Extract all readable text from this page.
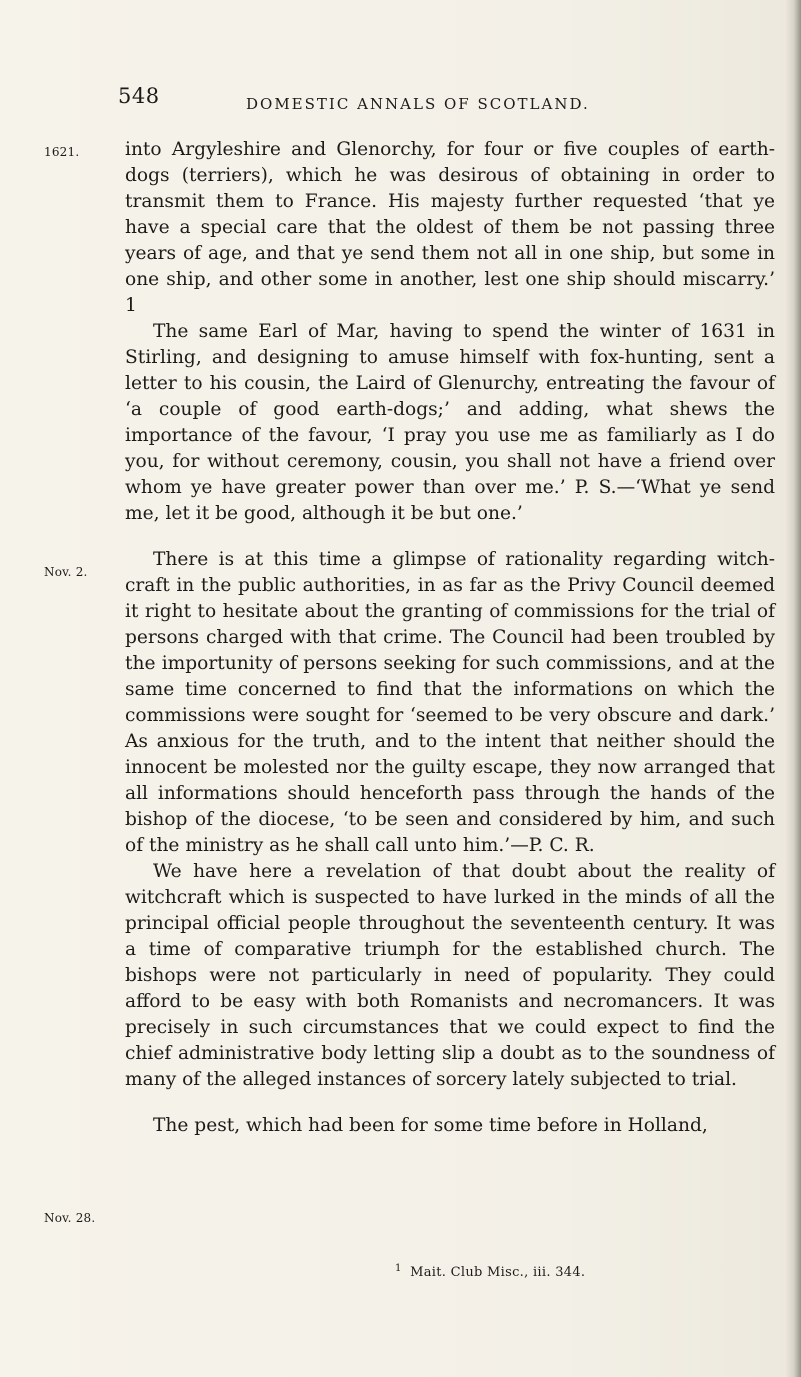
548	DOMESTIC ANNALS OF SCOTLAND.
1621.
Nov. 2.
Nov. 28.

into Argyleshire and Glenorchy, for four or five couples of earth-dogs (terriers), which he was desirous of obtaining in order to transmit them to France. His majesty further requested ‘that ye have a special care that the oldest of them be not passing three years of age, and that ye send them not all in one ship, but some in one ship, and other some in another, lest one ship should miscarry.’ 1

The same Earl of Mar, having to spend the winter of 1631 in Stirling, and designing to amuse himself with fox-hunting, sent a letter to his cousin, the Laird of Glenurchy, entreating the favour of ‘a couple of good earth-dogs;’ and adding, what shews the importance of the favour, ‘I pray you use me as familiarly as I do you, for without ceremony, cousin, you shall not have a friend over whom ye have greater power than over me.’ P. S.—‘What ye send me, let it be good, although it be but one.’

There is at this time a glimpse of rationality regarding witch-craft in the public authorities, in as far as the Privy Council deemed it right to hesitate about the granting of commissions for the trial of persons charged with that crime. The Council had been troubled by the importunity of persons seeking for such commissions, and at the same time concerned to find that the informations on which the commissions were sought for ‘seemed to be very obscure and dark.’ As anxious for the truth, and to the intent that neither should the innocent be molested nor the guilty escape, they now arranged that all informations should henceforth pass through the hands of the bishop of the diocese, ‘to be seen and considered by him, and such of the ministry as he shall call unto him.’—P. C. R.

We have here a revelation of that doubt about the reality of witchcraft which is suspected to have lurked in the minds of all the principal official people throughout the seventeenth century. It was a time of comparative triumph for the established church. The bishops were not particularly in need of popularity. They could afford to be easy with both Romanists and necromancers. It was precisely in such circumstances that we could expect to find the chief administrative body letting slip a doubt as to the soundness of many of the alleged instances of sorcery lately subjected to trial.

The pest, which had been for some time before in Holland,

$^1$ Mait. Club Misc., iii. 344.
